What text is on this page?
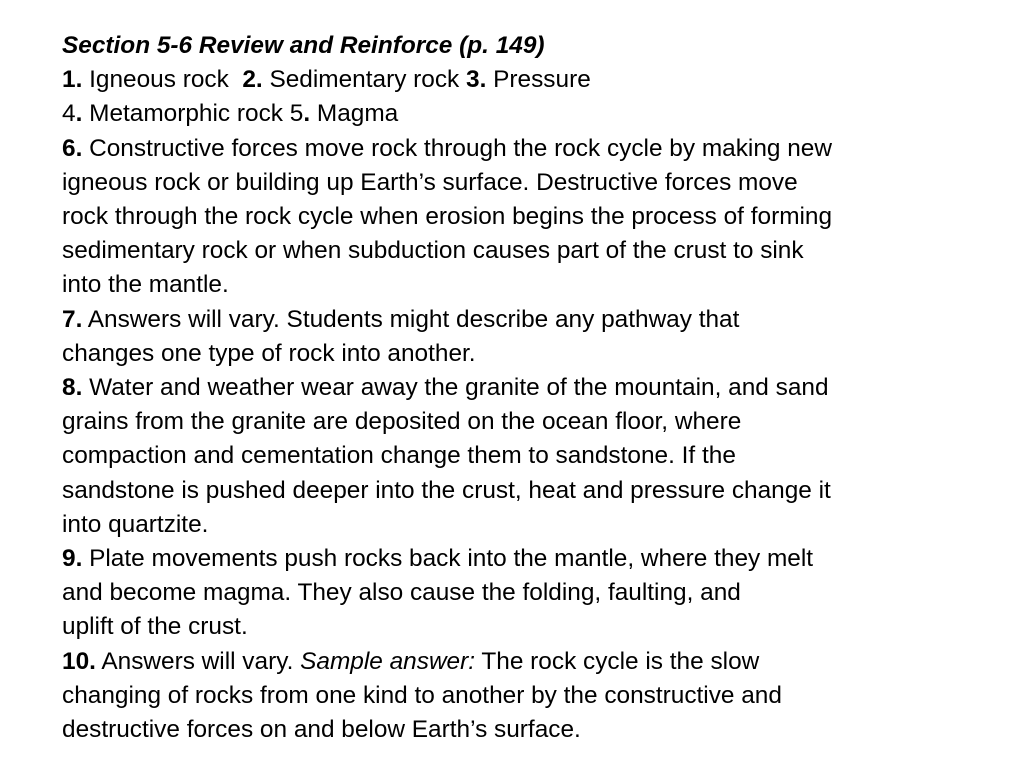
Section 5-6 Review and Reinforce (p. 149)
1. Igneous rock 2. Sedimentary rock 3. Pressure
4. Metamorphic rock 5. Magma
6. Constructive forces move rock through the rock cycle by making new
igneous rock or building up Earth’s surface. Destructive forces move
rock through the rock cycle when erosion begins the process of forming
sedimentary rock or when subduction causes part of the crust to sink
into the mantle.
7. Answers will vary. Students might describe any pathway that
changes one type of rock into another.
8. Water and weather wear away the granite of the mountain, and sand
grains from the granite are deposited on the ocean floor, where
compaction and cementation change them to sandstone. If the
sandstone is pushed deeper into the crust, heat and pressure change it
into quartzite.
9. Plate movements push rocks back into the mantle, where they melt
and become magma. They also cause the folding, faulting, and
uplift of the crust.
10. Answers will vary. Sample answer: The rock cycle is the slow
changing of rocks from one kind to another by the constructive and
destructive forces on and below Earth’s surface.
